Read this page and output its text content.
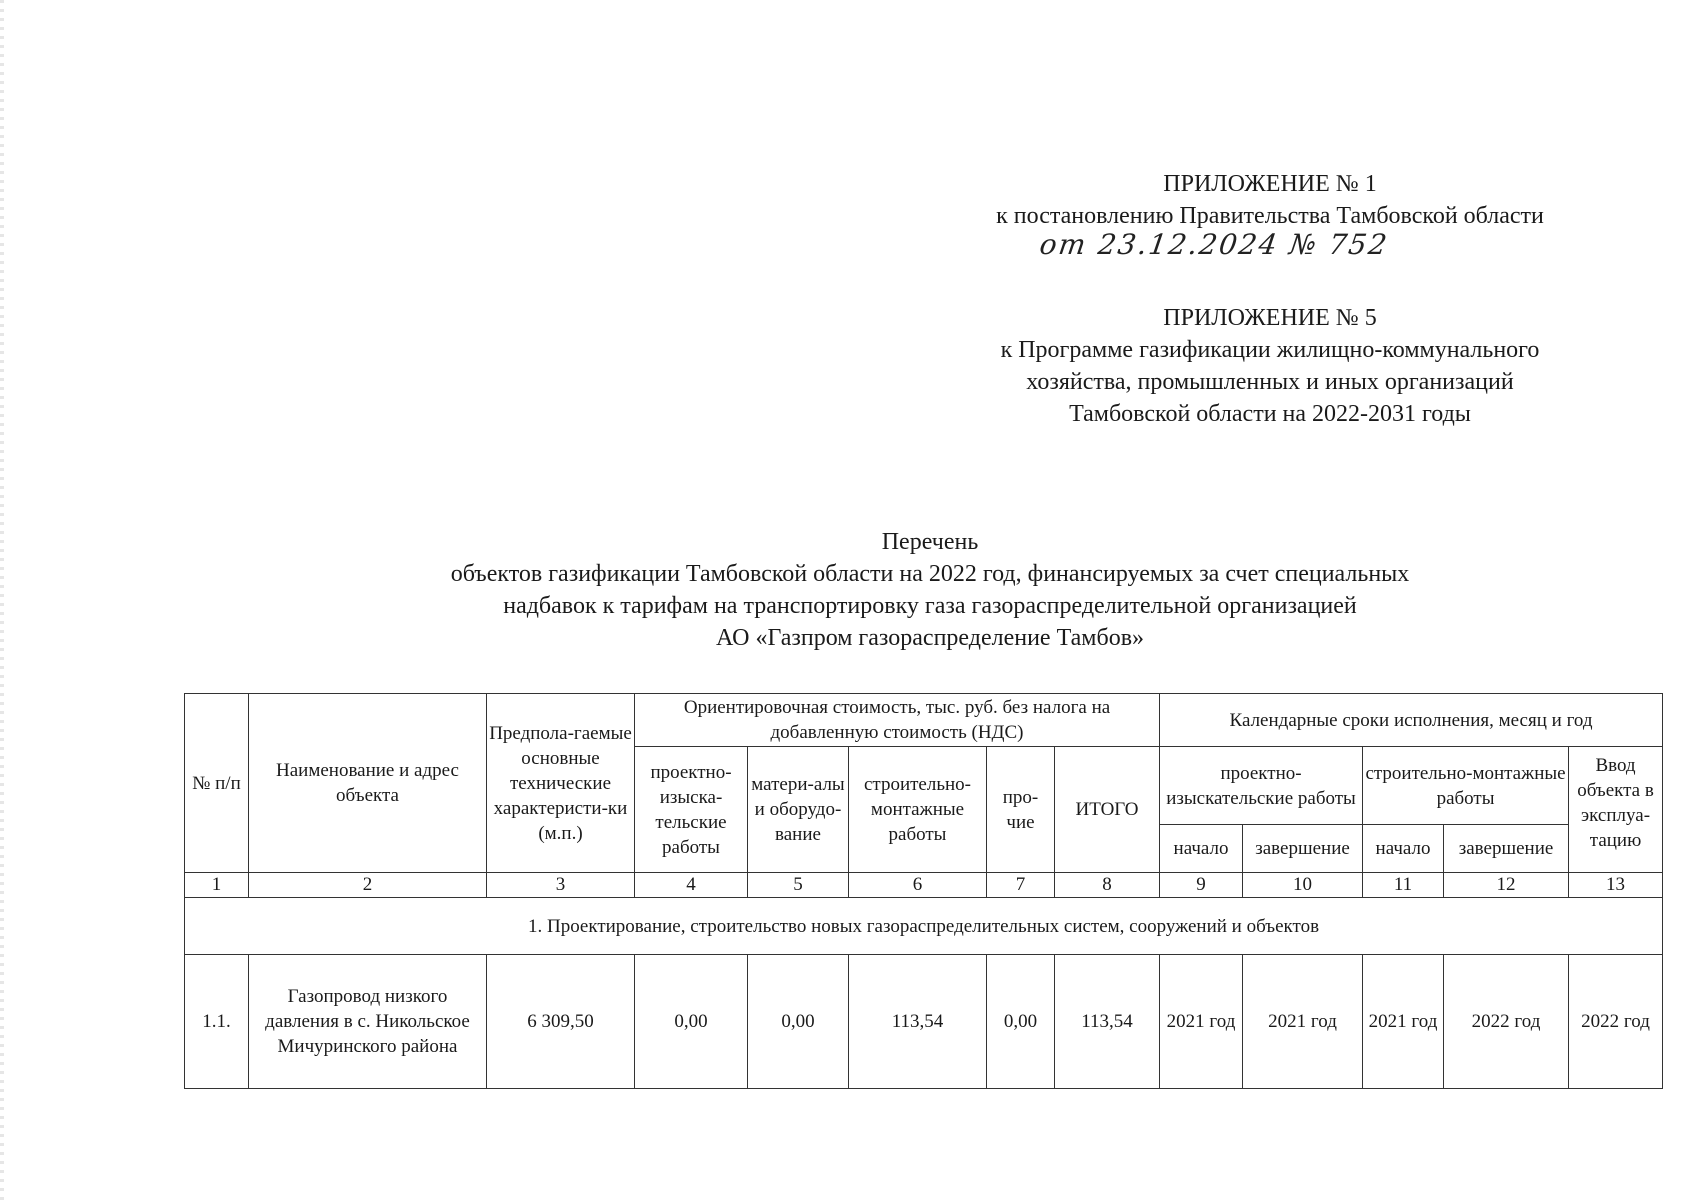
ПРИЛОЖЕНИЕ № 1
к постановлению Правительства Тамбовской области
от 23.12.2024 № 752
ПРИЛОЖЕНИЕ № 5
к Программе газификации жилищно-коммунального
хозяйства, промышленных и иных организаций
Тамбовской области на 2022-2031 годы
Перечень
объектов газификации Тамбовской области на 2022 год, финансируемых за счет специальных
надбавок к тарифам на транспортировку газа газораспределительной организацией
АО «Газпром газораспределение Тамбов»
№ п/п	Наименование и адрес объекта	Предпола-гаемые основные технические характеристи-ки (м.п.)	Ориентировочная стоимость, тыс. руб. без налога на добавленную стоимость (НДС)					Календарные сроки исполнения, месяц и год				
			проектно-изыска-тельские работы	матери-алы и оборудо-вание	строительно-монтажные работы	про-чие	ИТОГО	проектно-изыскательские работы		строительно-монтажные работы		Ввод объекта в эксплуа-тацию
								начало	завершение	начало	завершение	
1	2	3	4	5	6	7	8	9	10	11	12	13
1. Проектирование, строительство новых газораспределительных систем, сооружений и объектов												
1.1.	Газопровод низкого давления в с. Никольское Мичуринского района	6 309,50	0,00	0,00	113,54	0,00	113,54	2021 год	2021 год	2021 год	2022 год	2022 год
